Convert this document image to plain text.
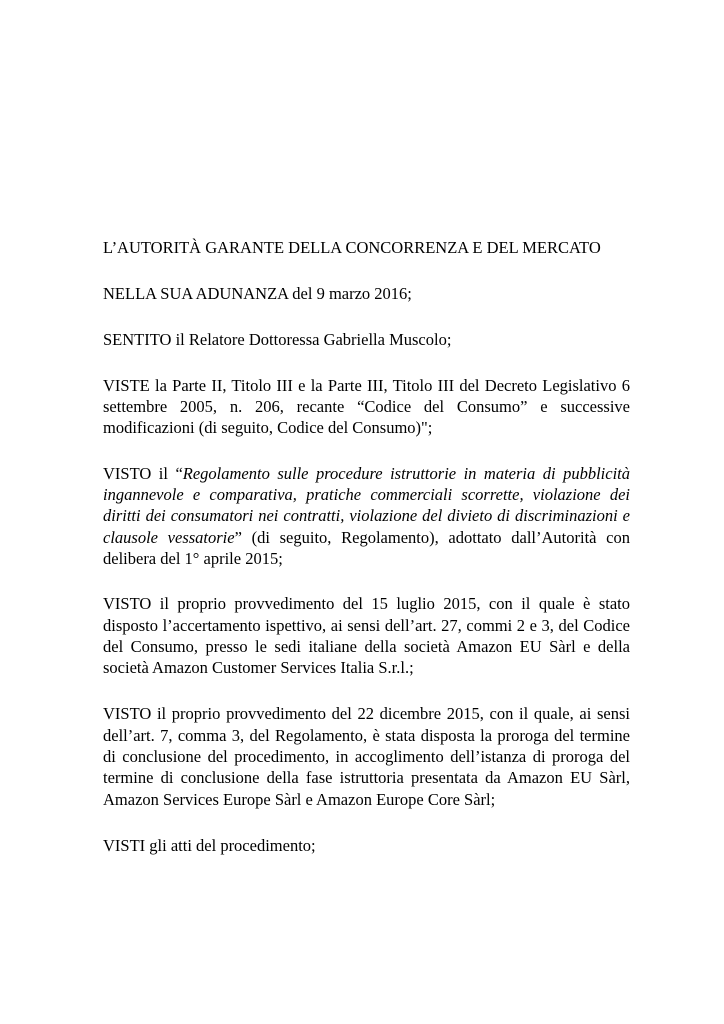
L’AUTORITÀ GARANTE DELLA CONCORRENZA E DEL MERCATO

NELLA SUA ADUNANZA del 9 marzo 2016;

SENTITO il Relatore Dottoressa Gabriella Muscolo;

VISTE la Parte II, Titolo III e la Parte III, Titolo III del Decreto Legislativo 6 settembre 2005, n. 206, recante “Codice del Consumo” e successive modificazioni (di seguito, Codice del Consumo)";

VISTO il “Regolamento sulle procedure istruttorie in materia di pubblicità ingannevole e comparativa, pratiche commerciali scorrette, violazione dei diritti dei consumatori nei contratti, violazione del divieto di discriminazioni e clausole vessatorie” (di seguito, Regolamento), adottato dall’Autorità con delibera del 1° aprile 2015;

VISTO il proprio provvedimento del 15 luglio 2015, con il quale è stato disposto l’accertamento ispettivo, ai sensi dell’art. 27, commi 2 e 3, del Codice del Consumo, presso le sedi italiane della società Amazon EU Sàrl e della società Amazon Customer Services Italia S.r.l.;

VISTO il proprio provvedimento del 22 dicembre 2015, con il quale, ai sensi dell’art. 7, comma 3, del Regolamento, è stata disposta la proroga del termine di conclusione del procedimento, in accoglimento dell’istanza di proroga del termine di conclusione della fase istruttoria presentata da Amazon EU Sàrl, Amazon Services Europe Sàrl e Amazon Europe Core Sàrl;

VISTI gli atti del procedimento;
